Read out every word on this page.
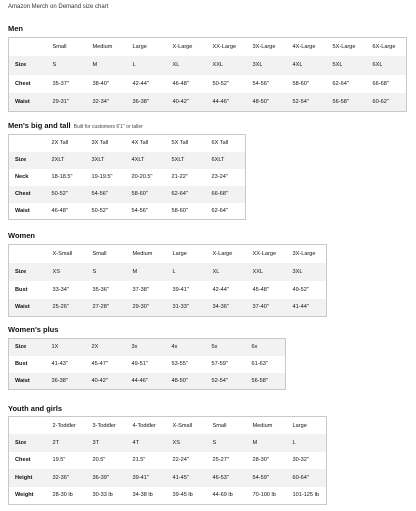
Amazon Merch on Demand size chart
Men
	Small	Medium	Large	X-Large	XX-Large	3X-Large	4X-Large	5X-Large	6X-Large
Size	S	M	L	XL	XXL	3XL	4XL	5XL	6XL
Chest	35-37"	38-40"	42-44"	46-48"	50-52"	54-56"	58-60"	62-64"	66-68"
Waist	29-31"	32-34"	36-38"	40-42"	44-46"	48-50"	52-54"	56-58"	60-62"
Men's big and tall Built for customers 6'1" or taller
	2X Tall	3X Tall	4X Tall	5X Tall	6X Tall
Size	2XLT	3XLT	4XLT	5XLT	6XLT
Neck	18-18.5"	19-19.5"	20-20.5"	21-22"	23-24"
Chest	50-52"	54-56"	58-60"	62-64"	66-68"
Waist	46-48"	50-52"	54-56"	58-60"	62-64"
Women
	X-Small	Small	Medium	Large	X-Large	XX-Large	3X-Large
Size	XS	S	M	L	XL	XXL	3XL
Bust	33-34"	35-36"	37-38"	39-41"	42-44"	45-48"	49-52"
Waist	25-26"	27-28"	29-30"	31-33"	34-36"	37-40"	41-44"
Women's plus
Size	1X	2X	3x	4x	5x	6x
Bust	41-43"	45-47"	49-51"	53-55"	57-59"	61-63"
Waist	36-38"	40-42"	44-46"	48-50"	52-54"	56-58"
Youth and girls
	2-Toddler	3-Toddler	4-Toddler	X-Small	Small	Medium	Large
Size	2T	3T	4T	XS	S	M	L
Chest	19.5"	20.5"	21.5"	22-24"	25-27"	28-30"	30-32"
Height	32-36"	36-39"	39-41"	41-45"	46-53"	54-59"	60-64"
Weight	28-30 lb	30-33 lb	34-38 lb	39-45 lb	44-69 lb	70-100 lb	101-125 lb
